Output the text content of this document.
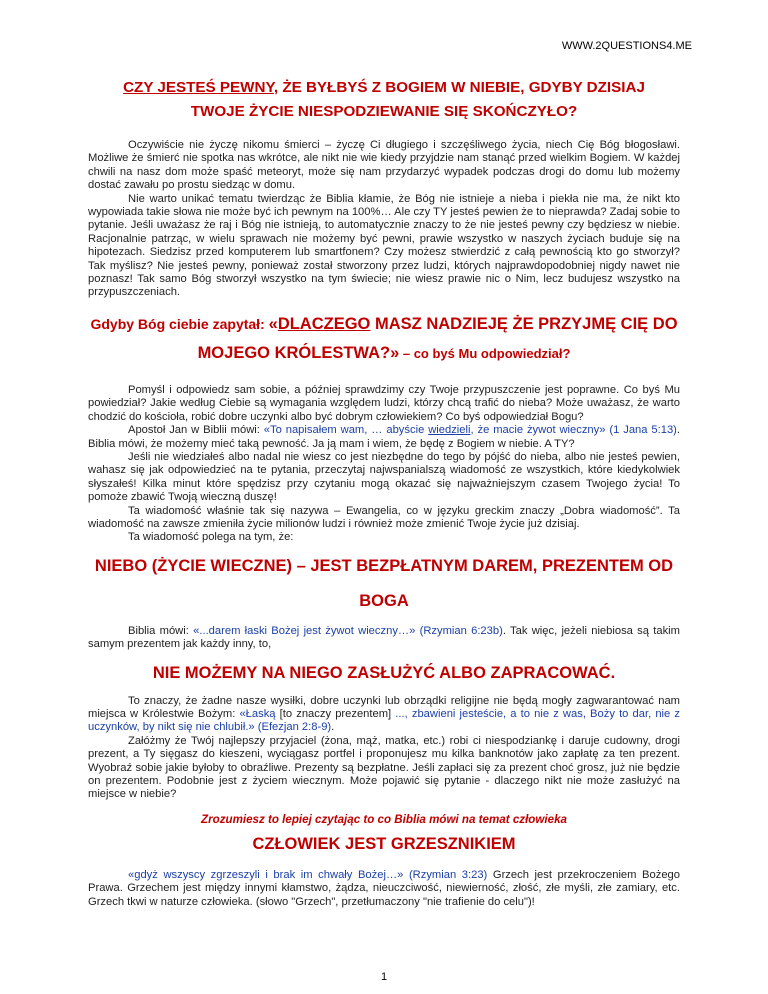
WWW.2QUESTIONS4.ME
CZY JESTEŚ PEWNY, ŻE BYŁBYŚ Z BOGIEM W NIEBIE, GDYBY DZISIAJ
TWOJE ŻYCIE NIESPODZIEWANIE SIĘ SKOŃCZYŁO?

Oczywiście nie życzę nikomu śmierci – życzę Ci długiego i szczęśliwego życia, niech Cię Bóg błogosławi. Możliwe że śmierć nie spotka nas wkrótce, ale nikt nie wie kiedy przyjdzie nam stanąć przed wielkim Bogiem. W każdej chwili na nasz dom może spaść meteoryt, może się nam przydarzyć wypadek podczas drogi do domu lub możemy dostać zawału po prostu siedząc w domu.

Nie warto unikać tematu twierdząc że Biblia kłamie, że Bóg nie istnieje a nieba i piekła nie ma, że nikt kto wypowiada takie słowa nie może być ich pewnym na 100%… Ale czy TY jesteś pewien że to nieprawda? Zadaj sobie to pytanie. Jeśli uważasz że raj i Bóg nie istnieją, to automatycznie znaczy to że nie jesteś pewny czy będziesz w niebie. Racjonalnie patrząc, w wielu sprawach nie możemy być pewni, prawie wszystko w naszych życiach buduje się na hipotezach. Siedzisz przed komputerem lub smartfonem? Czy możesz stwierdzić z całą pewnością kto go stworzył? Tak myślisz? Nie jesteś pewny, ponieważ został stworzony przez ludzi, których najprawdopodobniej nigdy nawet nie poznasz! Tak samo Bóg stworzył wszystko na tym świecie; nie wiesz prawie nic o Nim, lecz budujesz wszystko na przypuszczeniach.

Gdyby Bóg ciebie zapytał: «DLACZEGO MASZ NADZIEJĘ ŻE PRZYJMĘ CIĘ DO
MOJEGO KRÓLESTWA?» – co byś Mu odpowiedział?

Pomyśl i odpowiedz sam sobie, a później sprawdzimy czy Twoje przypuszczenie jest poprawne. Co byś Mu powiedział? Jakie według Ciebie są wymagania względem ludzi, którzy chcą trafić do nieba? Może uważasz, że warto chodzić do kościoła, robić dobre uczynki albo być dobrym człowiekiem? Co byś odpowiedział Bogu?

Apostoł Jan w Biblii mówi: «To napisałem wam, … abyście wiedzieli, że macie żywot wieczny» (1 Jana 5:13). Biblia mówi, że możemy mieć taką pewność. Ja ją mam i wiem, że będę z Bogiem w niebie. A TY?

Jeśli nie wiedziałeś albo nadal nie wiesz co jest niezbędne do tego by pójść do nieba, albo nie jesteś pewien, wahasz się jak odpowiedzieć na te pytania, przeczytaj najwspanialszą wiadomość ze wszystkich, które kiedykolwiek słyszałeś! Kilka minut które spędzisz przy czytaniu mogą okazać się najważniejszym czasem Twojego życia! To pomoże zbawić Twoją wieczną duszę!

Ta wiadomość właśnie tak się nazywa – Ewangelia, co w języku greckim znaczy „Dobra wiadomość”. Ta wiadomość na zawsze zmieniła życie milionów ludzi i również może zmienić Twoje życie już dzisiaj.

Ta wiadomość polega na tym, że:

NIEBO (ŻYCIE WIECZNE) – JEST BEZPŁATNYM DAREM, PREZENTEM OD
BOGA

Biblia mówi: «...darem łaski Bożej jest żywot wieczny…» (Rzymian 6:23b). Tak więc, jeżeli niebiosa są takim samym prezentem jak każdy inny, to,

NIE MOŻEMY NA NIEGO ZASŁUŻYĆ ALBO ZAPRACOWAĆ.

To znaczy, że żadne nasze wysiłki, dobre uczynki lub obrządki religijne nie będą mogły zagwarantować nam miejsca w Królestwie Bożym: «Łaską [to znaczy prezentem] ..., zbawieni jesteście, a to nie z was, Boży to dar, nie z uczynków, by nikt się nie chlubił.» (Efezjan 2:8-9).

Załóżmy że Twój najlepszy przyjaciel (żona, mąż, matka, etc.) robi ci niespodziankę i daruje cudowny, drogi prezent, a Ty sięgasz do kieszeni, wyciągasz portfel i proponujesz mu kilka banknotów jako zapłatę za ten prezent. Wyobraź sobie jakie byłoby to obraźliwe. Prezenty są bezpłatne. Jeśli zapłaci się za prezent choć grosz, już nie będzie on prezentem. Podobnie jest z życiem wiecznym. Może pojawić się pytanie - dlaczego nikt nie może zasłużyć na miejsce w niebie?

Zrozumiesz to lepiej czytając to co Biblia mówi na temat człowieka
CZŁOWIEK JEST GRZESZNIKIEM

«gdyż wszyscy zgrzeszyli i brak im chwały Bożej…» (Rzymian 3:23) Grzech jest przekroczeniem Bożego Prawa. Grzechem jest między innymi kłamstwo, żądza, nieuczciwość, niewierność, złość, złe myśli, złe zamiary, etc. Grzech tkwi w naturze człowieka. (słowo "Grzech", przetłumaczony "nie trafienie do celu")!

1
